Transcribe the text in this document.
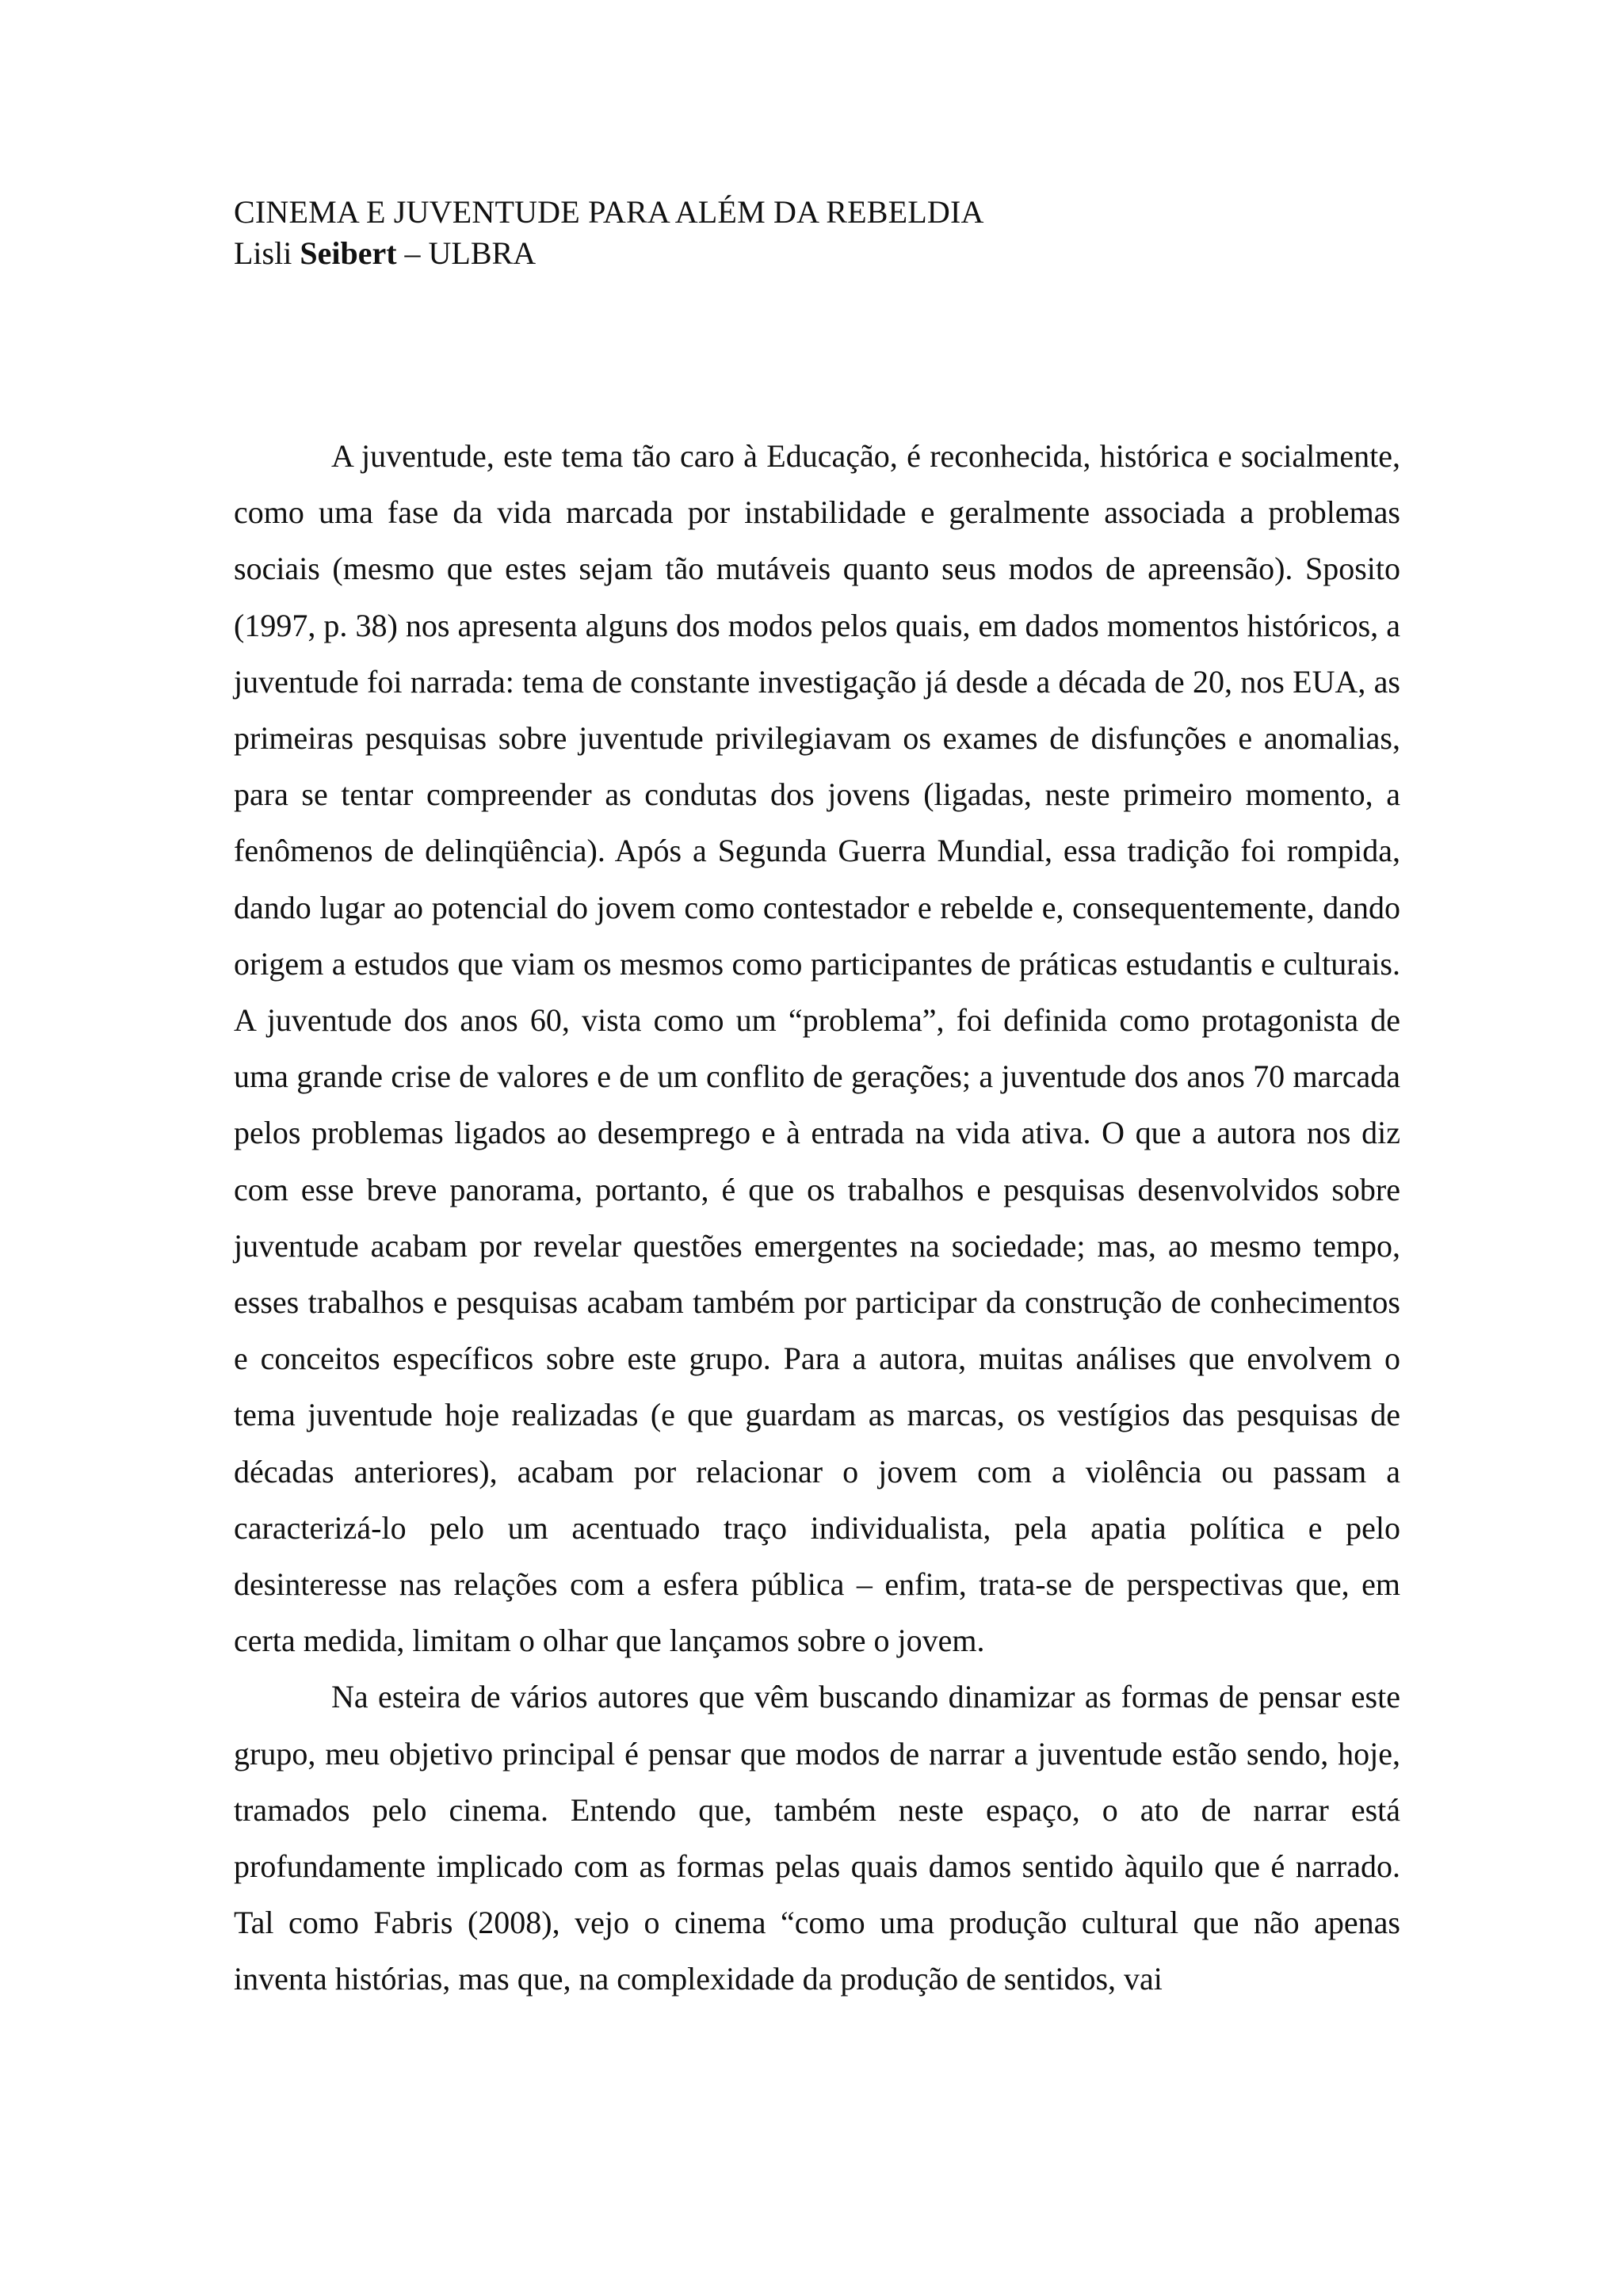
CINEMA E JUVENTUDE PARA ALÉM DA REBELDIA
Lisli Seibert – ULBRA

A juventude, este tema tão caro à Educação, é reconhecida, histórica e socialmente, como uma fase da vida marcada por instabilidade e geralmente associada a problemas sociais (mesmo que estes sejam tão mutáveis quanto seus modos de apreensão). Sposito (1997, p. 38) nos apresenta alguns dos modos pelos quais, em dados momentos históricos, a juventude foi narrada: tema de constante investigação já desde a década de 20, nos EUA, as primeiras pesquisas sobre juventude privilegiavam os exames de disfunções e anomalias, para se tentar compreender as condutas dos jovens (ligadas, neste primeiro momento, a fenômenos de delinqüência). Após a Segunda Guerra Mundial, essa tradição foi rompida, dando lugar ao potencial do jovem como contestador e rebelde e, consequentemente, dando origem a estudos que viam os mesmos como participantes de práticas estudantis e culturais. A juventude dos anos 60, vista como um “problema”, foi definida como protagonista de uma grande crise de valores e de um conflito de gerações; a juventude dos anos 70 marcada pelos problemas ligados ao desemprego e à entrada na vida ativa. O que a autora nos diz com esse breve panorama, portanto, é que os trabalhos e pesquisas desenvolvidos sobre juventude acabam por revelar questões emergentes na sociedade; mas, ao mesmo tempo, esses trabalhos e pesquisas acabam também por participar da construção de conhecimentos e conceitos específicos sobre este grupo. Para a autora, muitas análises que envolvem o tema juventude hoje realizadas (e que guardam as marcas, os vestígios das pesquisas de décadas anteriores), acabam por relacionar o jovem com a violência ou passam a caracterizá-lo pelo um acentuado traço individualista, pela apatia política e pelo desinteresse nas relações com a esfera pública – enfim, trata-se de perspectivas que, em certa medida, limitam o olhar que lançamos sobre o jovem.

Na esteira de vários autores que vêm buscando dinamizar as formas de pensar este grupo, meu objetivo principal é pensar que modos de narrar a juventude estão sendo, hoje, tramados pelo cinema. Entendo que, também neste espaço, o ato de narrar está profundamente implicado com as formas pelas quais damos sentido àquilo que é narrado. Tal como Fabris (2008), vejo o cinema “como uma produção cultural que não apenas inventa histórias, mas que, na complexidade da produção de sentidos, vai
